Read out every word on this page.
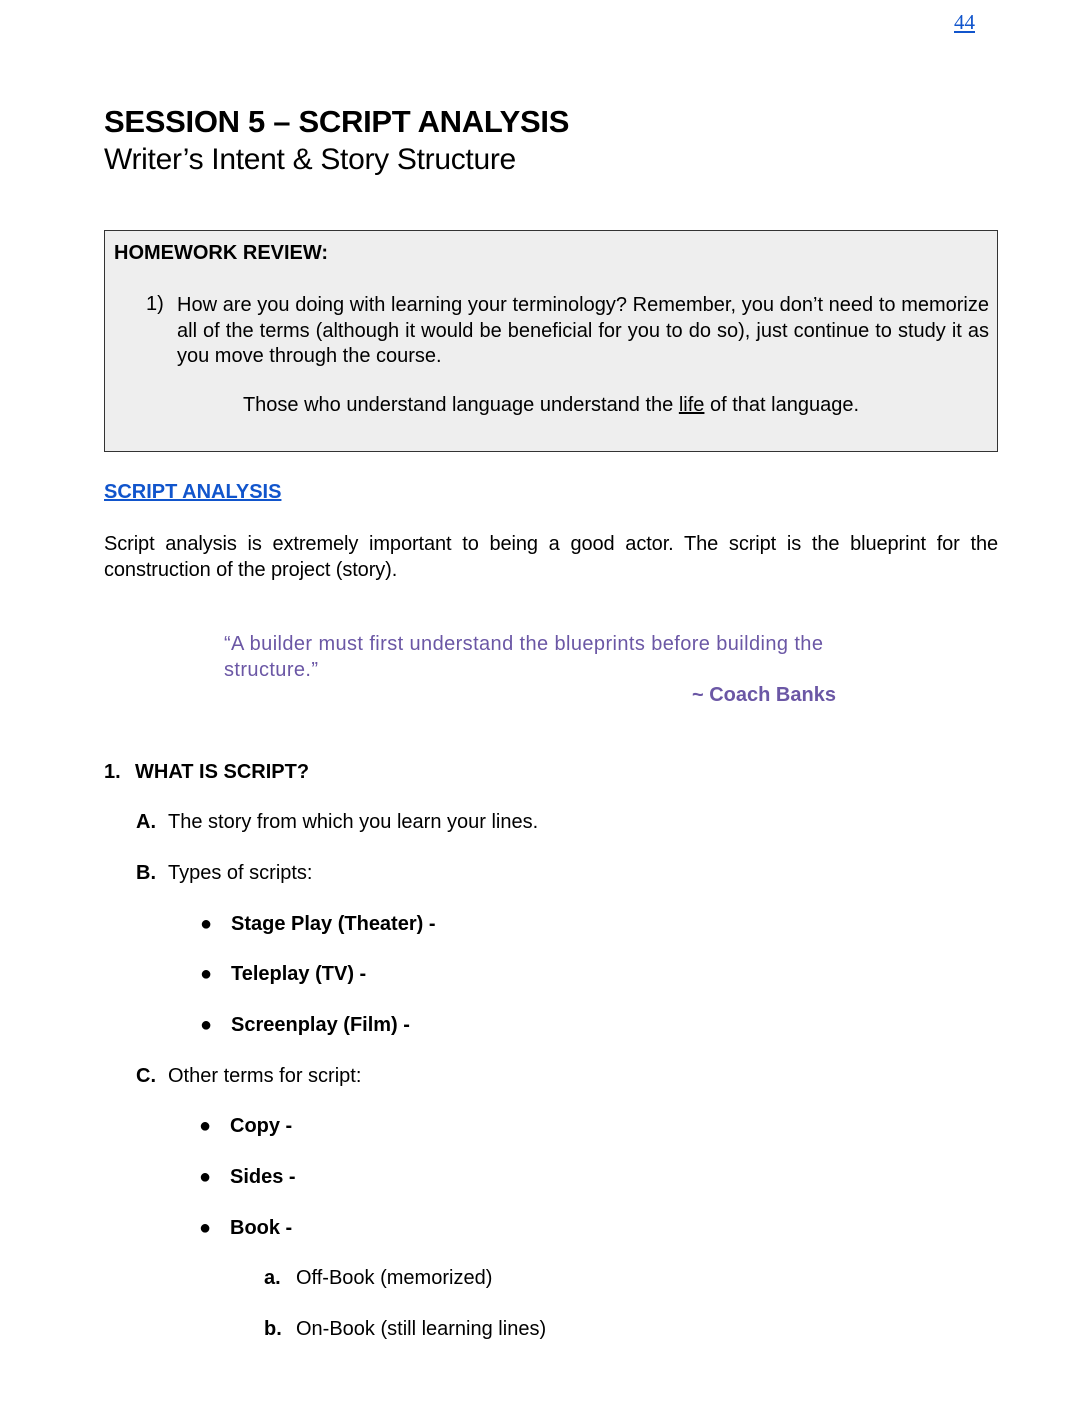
44
SESSION 5 – SCRIPT ANALYSIS
Writer’s Intent & Story Structure
HOMEWORK REVIEW:
1) How are you doing with learning your terminology? Remember, you don’t need to memorize all of the terms (although it would be beneficial for you to do so), just continue to study it as you move through the course.
Those who understand language understand the life of that language.
SCRIPT ANALYSIS
Script analysis is extremely important to being a good actor. The script is the blueprint for the construction of the project (story).
“A builder must first understand the blueprints before building the structure.”
~ Coach Banks
1. WHAT IS SCRIPT?
A. The story from which you learn your lines.
B. Types of scripts:
● Stage Play (Theater) -
● Teleplay (TV) -
● Screenplay (Film) -
C. Other terms for script:
● Copy -
● Sides -
● Book -
a. Off-Book (memorized)
b. On-Book (still learning lines)
